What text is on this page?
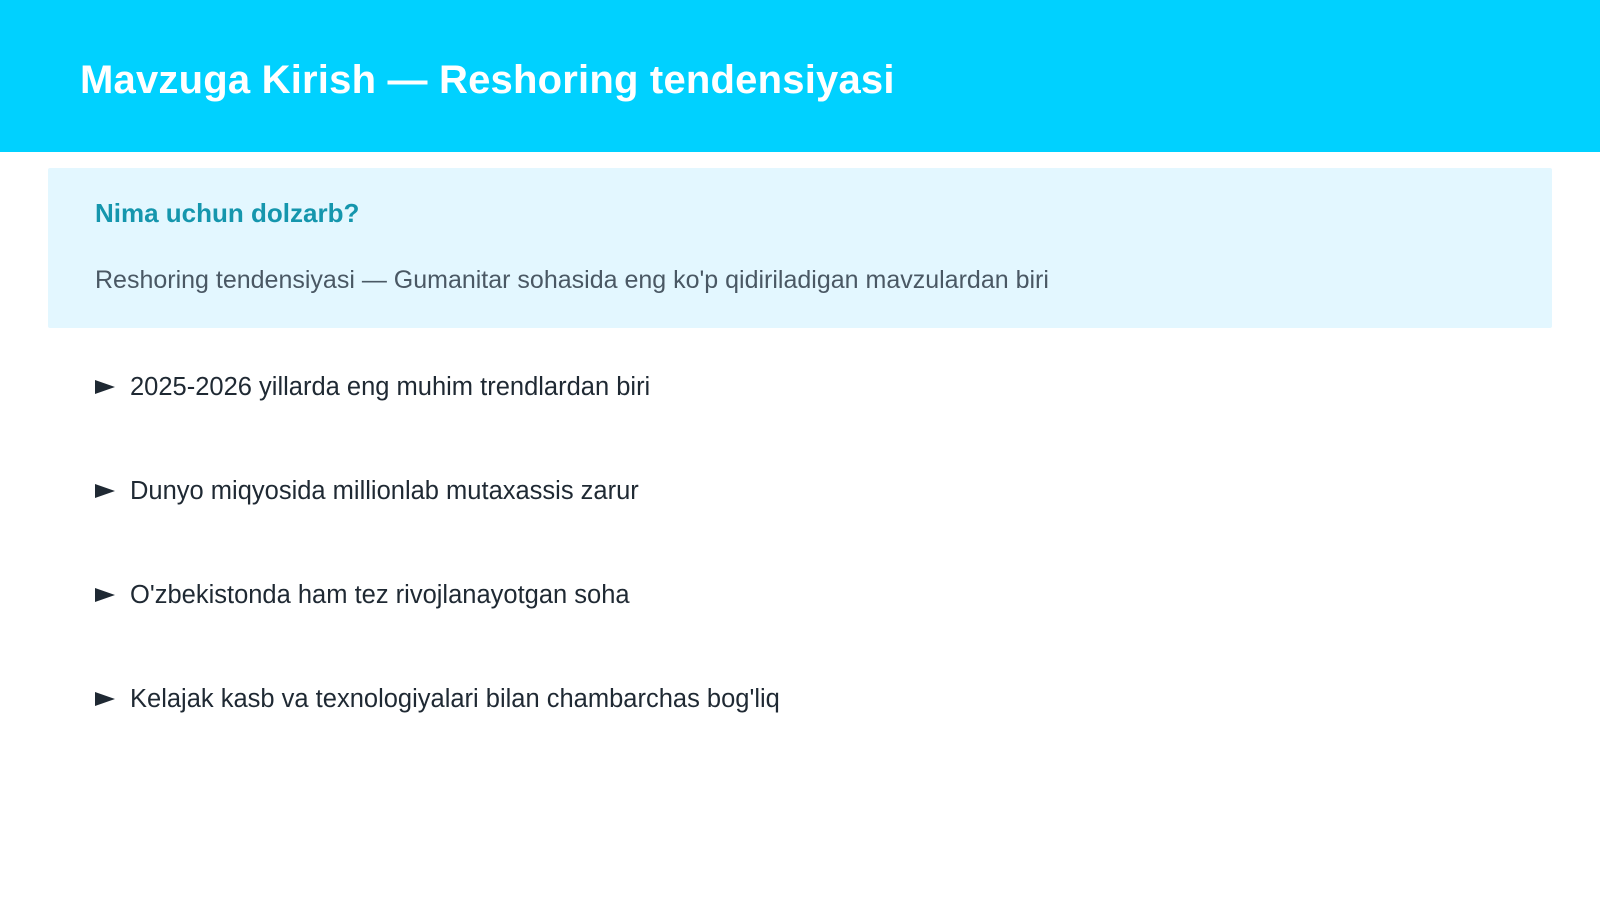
Mavzuga Kirish — Reshoring tendensiyasi
Nima uchun dolzarb?

Reshoring tendensiyasi — Gumanitar sohasida eng ko'p qidiriladigan mavzulardan biri

2025-2026 yillarda eng muhim trendlardan biri
Dunyo miqyosida millionlab mutaxassis zarur
O'zbekistonda ham tez rivojlanayotgan soha
Kelajak kasb va texnologiyalari bilan chambarchas bog'liq
